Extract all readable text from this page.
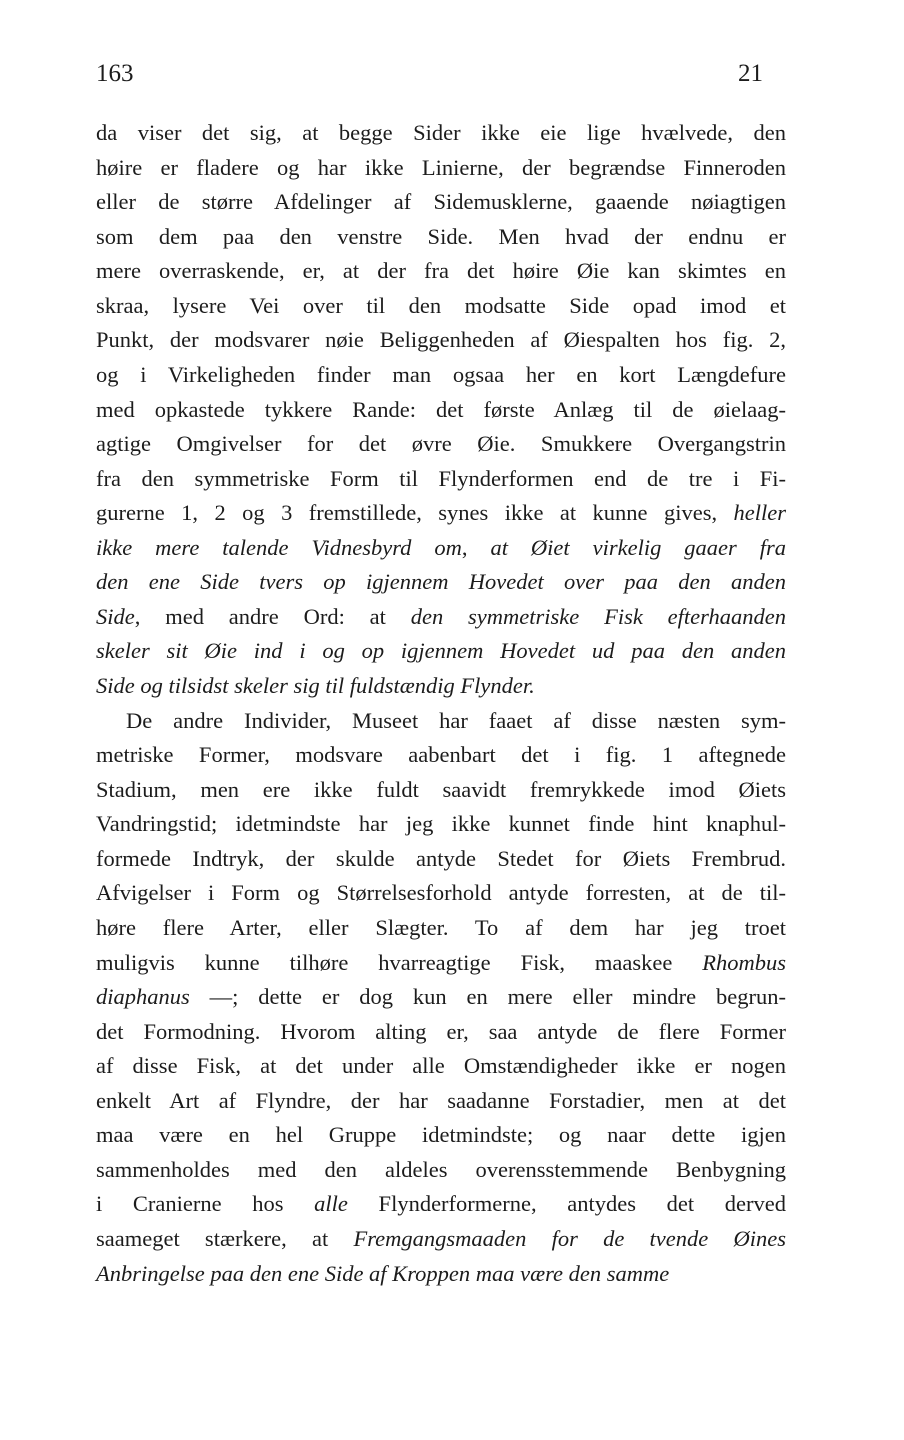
163	21
da viser det sig, at begge Sider ikke eie lige hvælvede, den
høire er fladere og har ikke Linierne, der begrændse Finneroden
eller de større Afdelinger af Sidemusklerne, gaaende nøiagtigen
som dem paa den venstre Side. Men hvad der endnu er
mere overraskende, er, at der fra det høire Øie kan skimtes en
skraa, lysere Vei over til den modsatte Side opad imod et
Punkt, der modsvarer nøie Beliggenheden af Øiespalten hos fig. 2,
og i Virkeligheden finder man ogsaa her en kort Længdefure
med opkastede tykkere Rande: det første Anlæg til de øielaag-
agtige Omgivelser for det øvre Øie. Smukkere Overgangstrin
fra den symmetriske Form til Flynderformen end de tre i Fi-
gurerne 1, 2 og 3 fremstillede, synes ikke at kunne gives, heller
ikke mere talende Vidnesbyrd om, at Øiet virkelig gaaer fra
den ene Side tvers op igjennem Hovedet over paa den anden
Side, med andre Ord: at den symmetriske Fisk efterhaanden
skeler sit Øie ind i og op igjennem Hovedet ud paa den anden
Side og tilsidst skeler sig til fuldstændig Flynder.
De andre Individer, Museet har faaet af disse næsten sym-
metriske Former, modsvare aabenbart det i fig. 1 aftegnede
Stadium, men ere ikke fuldt saavidt fremrykkede imod Øiets
Vandringstid; idetmindste har jeg ikke kunnet finde hint knaphul-
formede Indtryk, der skulde antyde Stedet for Øiets Frembrud.
Afvigelser i Form og Størrelsesforhold antyde forresten, at de til-
høre flere Arter, eller Slægter. To af dem har jeg troet
muligvis kunne tilhøre hvarreagtige Fisk, maaskee Rhombus
diaphanus —; dette er dog kun en mere eller mindre begrun-
det Formodning. Hvorom alting er, saa antyde de flere Former
af disse Fisk, at det under alle Omstændigheder ikke er nogen
enkelt Art af Flyndre, der har saadanne Forstadier, men at det
maa være en hel Gruppe idetmindste; og naar dette igjen
sammenholdes med den aldeles overensstemmende Benbygning
i Cranierne hos alle Flynderformerne, antydes det derved
saameget stærkere, at Fremgangsmaaden for de tvende Øines
Anbringelse paa den ene Side af Kroppen maa være den samme
